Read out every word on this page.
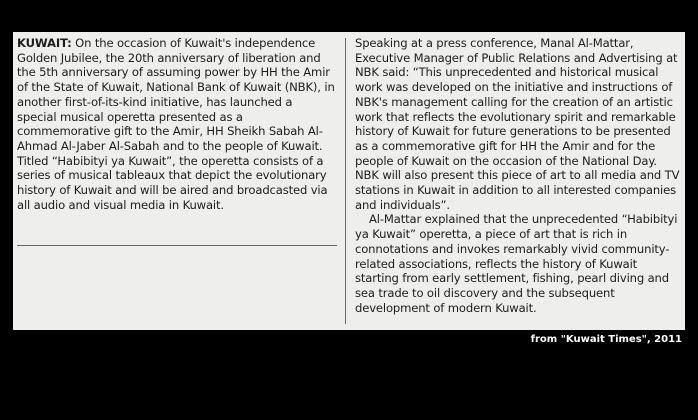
KUWAIT: On the occasion of Kuwait's independence Golden Jubilee, the 20th anniversary of liberation and the 5th anniversary of assuming power by HH the Amir of the State of Kuwait, National Bank of Kuwait (NBK), in another first-of-its-kind initiative, has launched a special musical operetta presented as a commemorative gift to the Amir, HH Sheikh Sabah Al-Ahmad Al-Jaber Al-Sabah and to the people of Kuwait. Titled “Habibityi ya Kuwait”, the operetta consists of a series of musical tableaux that depict the evolutionary history of Kuwait and will be aired and broadcasted via all audio and visual media in Kuwait.

Speaking at a press conference, Manal Al-Mattar, Executive Manager of Public Relations and Advertising at NBK said: “This unprecedented and historical musical work was developed on the initiative and instructions of NBK's management calling for the creation of an artistic work that reflects the evolutionary spirit and remarkable history of Kuwait for future generations to be presented as a commemorative gift for HH the Amir and for the people of Kuwait on the occasion of the National Day. NBK will also present this piece of art to all media and TV stations in Kuwait in addition to all interested companies and individuals”.

Al-Mattar explained that the unprecedented “Habibityi ya Kuwait” operetta, a piece of art that is rich in connotations and invokes remarkably vivid community-related associations, reflects the history of Kuwait starting from early settlement, fishing, pearl diving and sea trade to oil discovery and the subsequent development of modern Kuwait.

from "Kuwait Times", 2011
